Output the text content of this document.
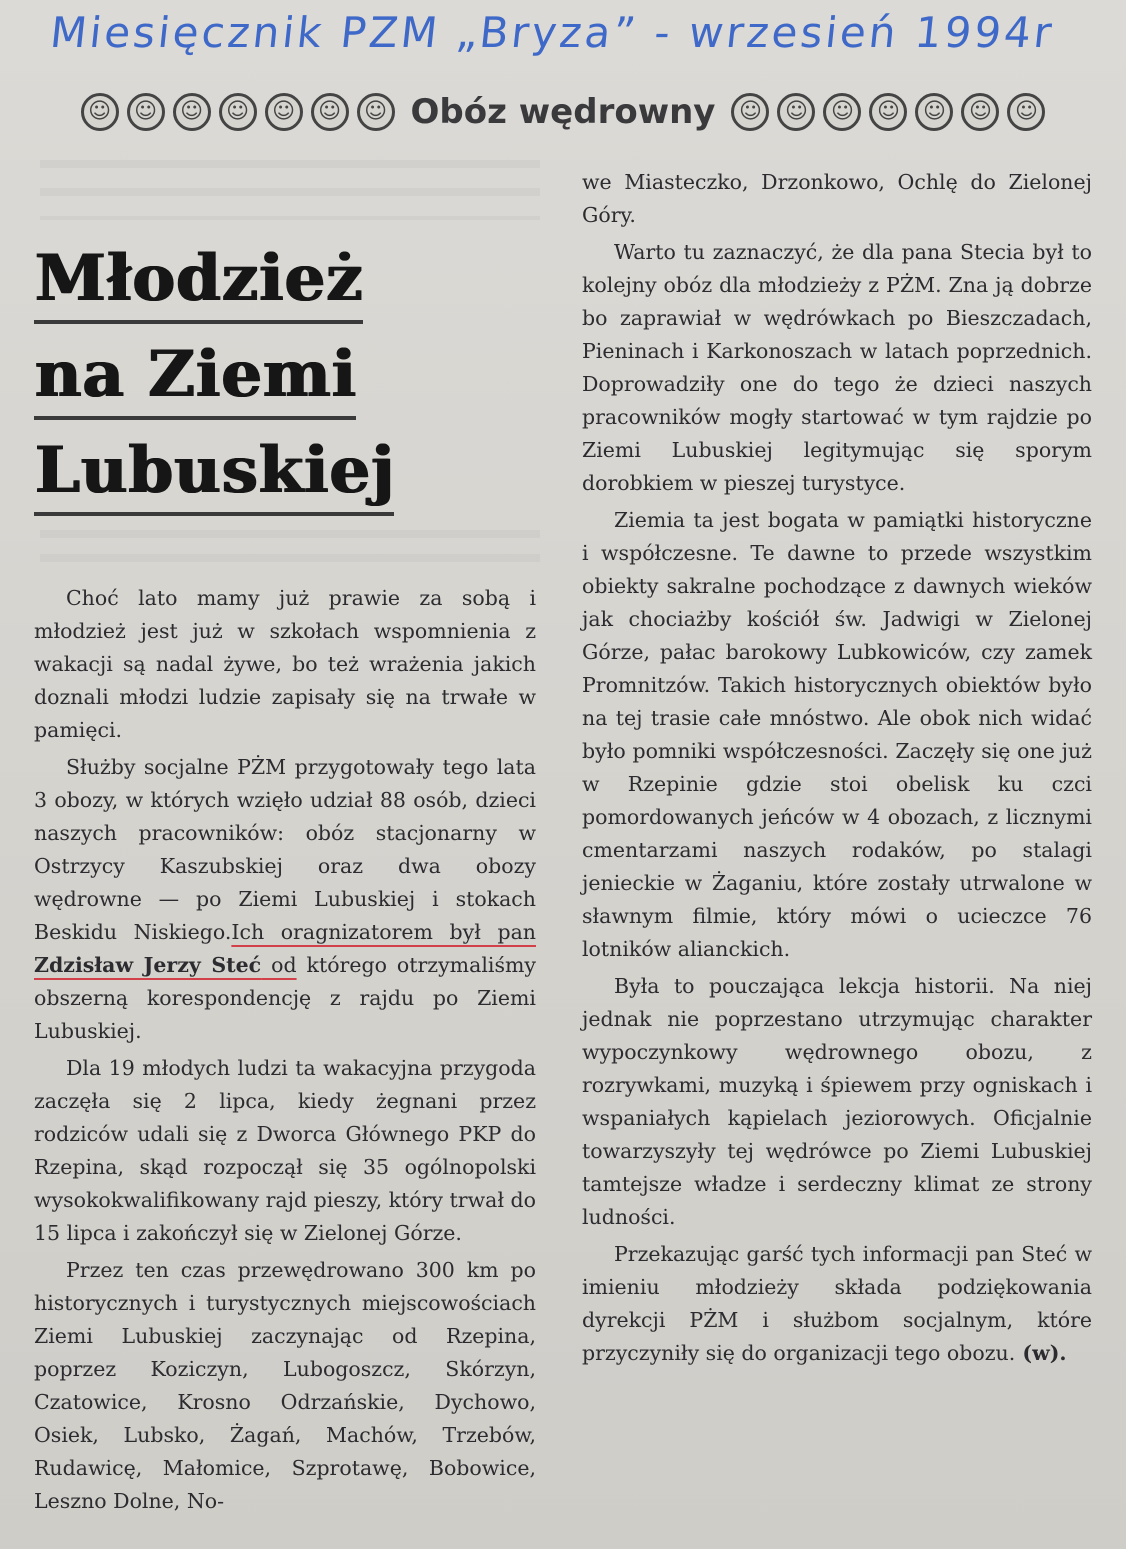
Miesięcznik PZM „Bryza” - wrzesień 1994r
☺	☺	☺	☺	☺	☺	☺ Obóz wędrowny	☺	☺	☺	☺	☺	☺	☺
Młodzież
na Ziemi
Lubuskiej

Choć lato mamy już prawie za sobą i młodzież jest już w szkołach wspomnienia z wakacji są nadal żywe, bo też wrażenia jakich doznali młodzi ludzie zapisały się na trwałe w pamięci.

Służby socjalne PŻM przygotowały tego lata 3 obozy, w których wzięło udział 88 osób, dzieci naszych pracowników: obóz stacjonarny w Ostrzycy Kaszubskiej oraz dwa obozy wędrowne — po Ziemi Lubuskiej i stokach Beskidu Niskiego.Ich oragnizatorem był pan Zdzisław Jerzy Steć od którego otrzymaliśmy obszerną korespondencję z rajdu po Ziemi Lubuskiej.

Dla 19 młodych ludzi ta wakacyjna przygoda zaczęła się 2 lipca, kiedy żegnani przez rodziców udali się z Dworca Głównego PKP do Rzepina, skąd rozpoczął się 35 ogólnopolski wysokokwalifikowany rajd pieszy, który trwał do 15 lipca i zakończył się w Zielonej Górze.

Przez ten czas przewędrowano 300 km po historycznych i turystycznych miejscowościach Ziemi Lubuskiej zaczynając od Rzepina, poprzez Koziczyn, Lubogoszcz, Skórzyn, Czatowice, Krosno Odrzańskie, Dychowo, Osiek, Lubsko, Żagań, Machów, Trzebów, Rudawicę, Małomice, Szprotawę, Bobowice, Leszno Dolne, No-

we Miasteczko, Drzonkowo, Ochlę do Zielonej Góry.

Warto tu zaznaczyć, że dla pana Stecia był to kolejny obóz dla młodzieży z PŻM. Zna ją dobrze bo zaprawiał w wędrówkach po Bieszczadach, Pieninach i Karkonoszach w latach poprzednich. Doprowadziły one do tego że dzieci naszych pracowników mogły startować w tym rajdzie po Ziemi Lubuskiej legitymując się sporym dorobkiem w pieszej turystyce.

Ziemia ta jest bogata w pamiątki historyczne i współczesne. Te dawne to przede wszystkim obiekty sakralne pochodzące z dawnych wieków jak chociażby kościół św. Jadwigi w Zielonej Górze, pałac barokowy Lubkowiców, czy zamek Promnitzów. Takich historycznych obiektów było na tej trasie całe mnóstwo. Ale obok nich widać było pomniki współczesności. Zaczęły się one już w Rzepinie gdzie stoi obelisk ku czci pomordowanych jeńców w 4 obozach, z licznymi cmentarzami naszych rodaków, po stalagi jenieckie w Żaganiu, które zostały utrwalone w sławnym filmie, który mówi o ucieczce 76 lotników alianckich.

Była to pouczająca lekcja historii. Na niej jednak nie poprzestano utrzymując charakter wypoczynkowy wędrownego obozu, z rozrywkami, muzyką i śpiewem przy ogniskach i wspaniałych kąpielach jeziorowych. Oficjalnie towarzyszyły tej wędrówce po Ziemi Lubuskiej tamtejsze władze i serdeczny klimat ze strony ludności.

Przekazując garść tych informacji pan Steć w imieniu młodzieży składa podziękowania dyrekcji PŻM i służbom socjalnym, które przyczyniły się do organizacji tego obozu. (w).
